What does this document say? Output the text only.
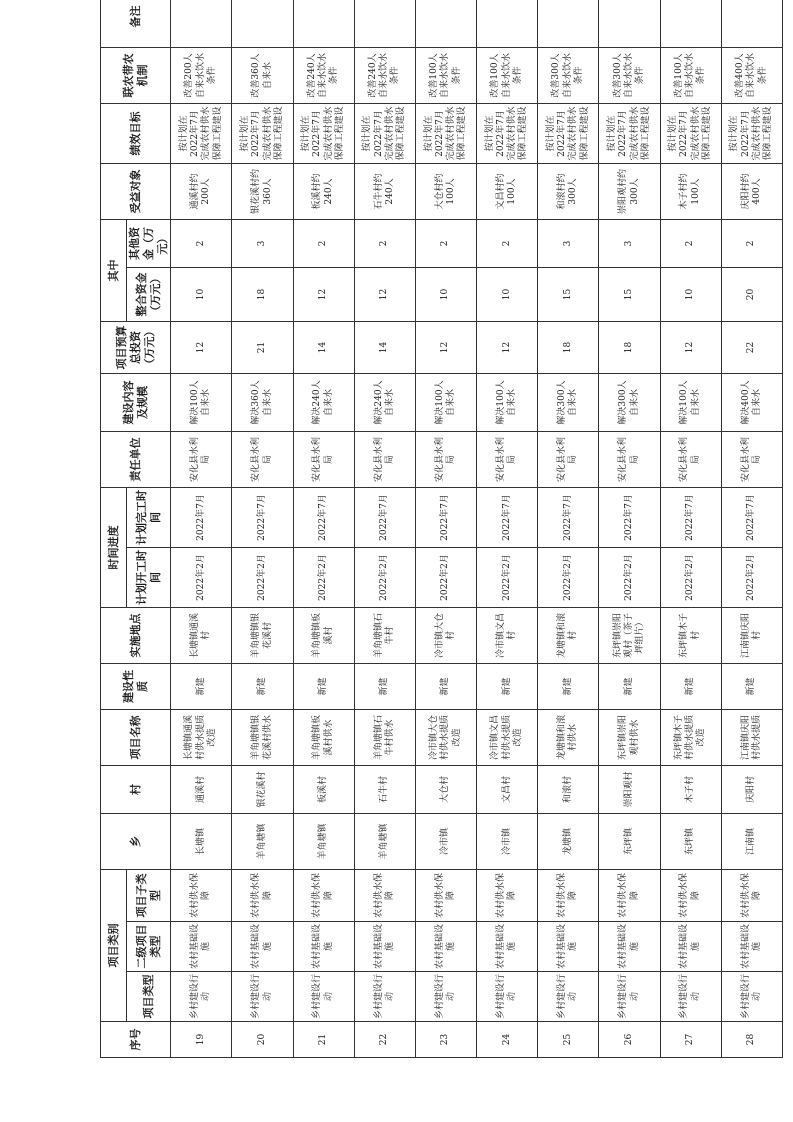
序号	项目类别			乡	村	项目名称	建设性质	实施地点	时间进度		责任单位	建设内容及规模	项目预算总投资（万元）	其中		受益对象	绩效目标	联农带农机制	备注
	项目类型	二级项目类型	项目子类型						计划开工时间	计划完工时间				整合资金（万元）	其他资金（万元）				
19	乡村建设行动	农村基础设施	农村供水保障	长塘镇	通溪村	长塘镇通溪村供水提质改造	新建	长塘镇通溪村	2022年2月	2022年7月	安化县水利局	解决100人自来水	12	10	2	通溪村约200人	按计划在2022年7月完成农村供水保障工程建设	改善200人自来水饮水条件	
20	乡村建设行动	农村基础设施	农村供水保障	羊角塘镇	银花溪村	羊角塘镇银花溪村供水	新建	羊角塘镇银花溪村	2022年2月	2022年7月	安化县水利局	解决360人自来水	21	18	3	银花溪村约360人	按计划在2022年7月完成农村供水保障工程建设	改善360人自来水	
21	乡村建设行动	农村基础设施	农村供水保障	羊角塘镇	板溪村	羊角塘镇板溪村供水	新建	羊角塘镇板溪村	2022年2月	2022年7月	安化县水利局	解决240人自来水	14	12	2	板溪村约240人	按计划在2022年7月完成农村供水保障工程建设	改善240人自来水饮水条件	
22	乡村建设行动	农村基础设施	农村供水保障	羊角塘镇	石牛村	羊角塘镇石牛村供水	新建	羊角塘镇石牛村	2022年2月	2022年7月	安化县水利局	解决240人自来水	14	12	2	石牛村约240人	按计划在2022年7月完成农村供水保障工程建设	改善240人自来水饮水条件	
23	乡村建设行动	农村基础设施	农村供水保障	冷市镇	大仓村	冷市镇大仓村供水提质改造	新建	冷市镇大仓村	2022年2月	2022年7月	安化县水利局	解决100人自来水	12	10	2	大仓村约100人	按计划在2022年7月完成农村供水保障工程建设	改善100人自来水饮水条件	
24	乡村建设行动	农村基础设施	农村供水保障	冷市镇	文昌村	冷市镇文昌村供水提质改造	新建	冷市镇文昌村	2022年2月	2022年7月	安化县水利局	解决100人自来水	12	10	2	文昌村约100人	按计划在2022年7月完成农村供水保障工程建设	改善100人自来水饮水条件	
25	乡村建设行动	农村基础设施	农村供水保障	龙塘镇	和滚村	龙塘镇和滚村供水	新建	龙塘镇和滚村	2022年2月	2022年7月	安化县水利局	解决300人自来水	18	15	3	和滚村约300人	按计划在2022年7月完成农村供水保障工程建设	改善300人自来水饮水条件	
26	乡村建设行动	农村基础设施	农村供水保障	东坪镇	崇阳观村	东坪镇崇阳观村供水	新建	东坪镇崇阳观村（茶子坪组片）	2022年2月	2022年7月	安化县水利局	解决300人自来水	18	15	3	崇阳观村约300人	按计划在2022年7月完成农村供水保障工程建设	改善300人自来水饮水条件	
27	乡村建设行动	农村基础设施	农村供水保障	东坪镇	木子村	东坪镇木子村供水提质改造	新建	东坪镇木子村	2022年2月	2022年7月	安化县水利局	解决100人自来水	12	10	2	木子村约100人	按计划在2022年7月完成农村供水保障工程建设	改善100人自来水饮水条件	
28	乡村建设行动	农村基础设施	农村供水保障	江南镇	庆阳村	江南镇庆阳村供水提质	新建	江南镇庆阳村	2022年2月	2022年7月	安化县水利局	解决400人自来水	22	20	2	庆阳村约400人	按计划在2022年7月完成农村供水保障工程建设	改善400人自来水饮水条件	
